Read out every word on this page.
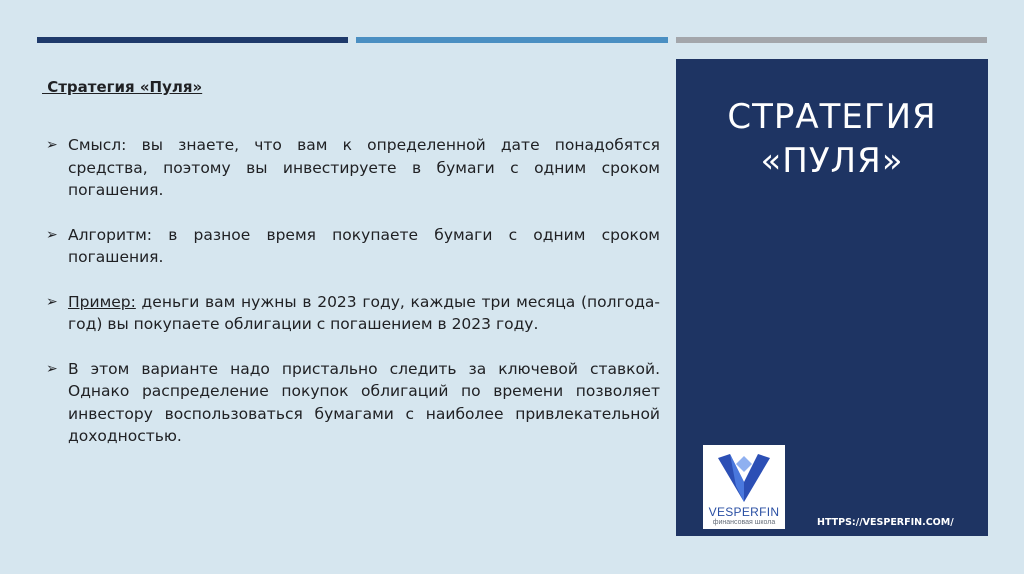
Стратегия «Пуля»
➢ Смысл: вы знаете, что вам к определенной дате понадобятся средства, поэтому вы инвестируете в бумаги с одним сроком погашения.
➢ Алгоритм: в разное время покупаете бумаги с одним сроком погашения.
➢ Пример: деньги вам нужны в 2023 году, каждые три месяца (полгода-год) вы покупаете облигации с погашением в 2023 году.
➢ В этом варианте надо пристально следить за ключевой ставкой. Однако распределение покупок облигаций по времени позволяет инвестору воспользоваться бумагами с наиболее привлекательной доходностью.
СТРАТЕГИЯ
«ПУЛЯ»
VESPERFIN
финансовая школа	HTTPS://VESPERFIN.COM/
